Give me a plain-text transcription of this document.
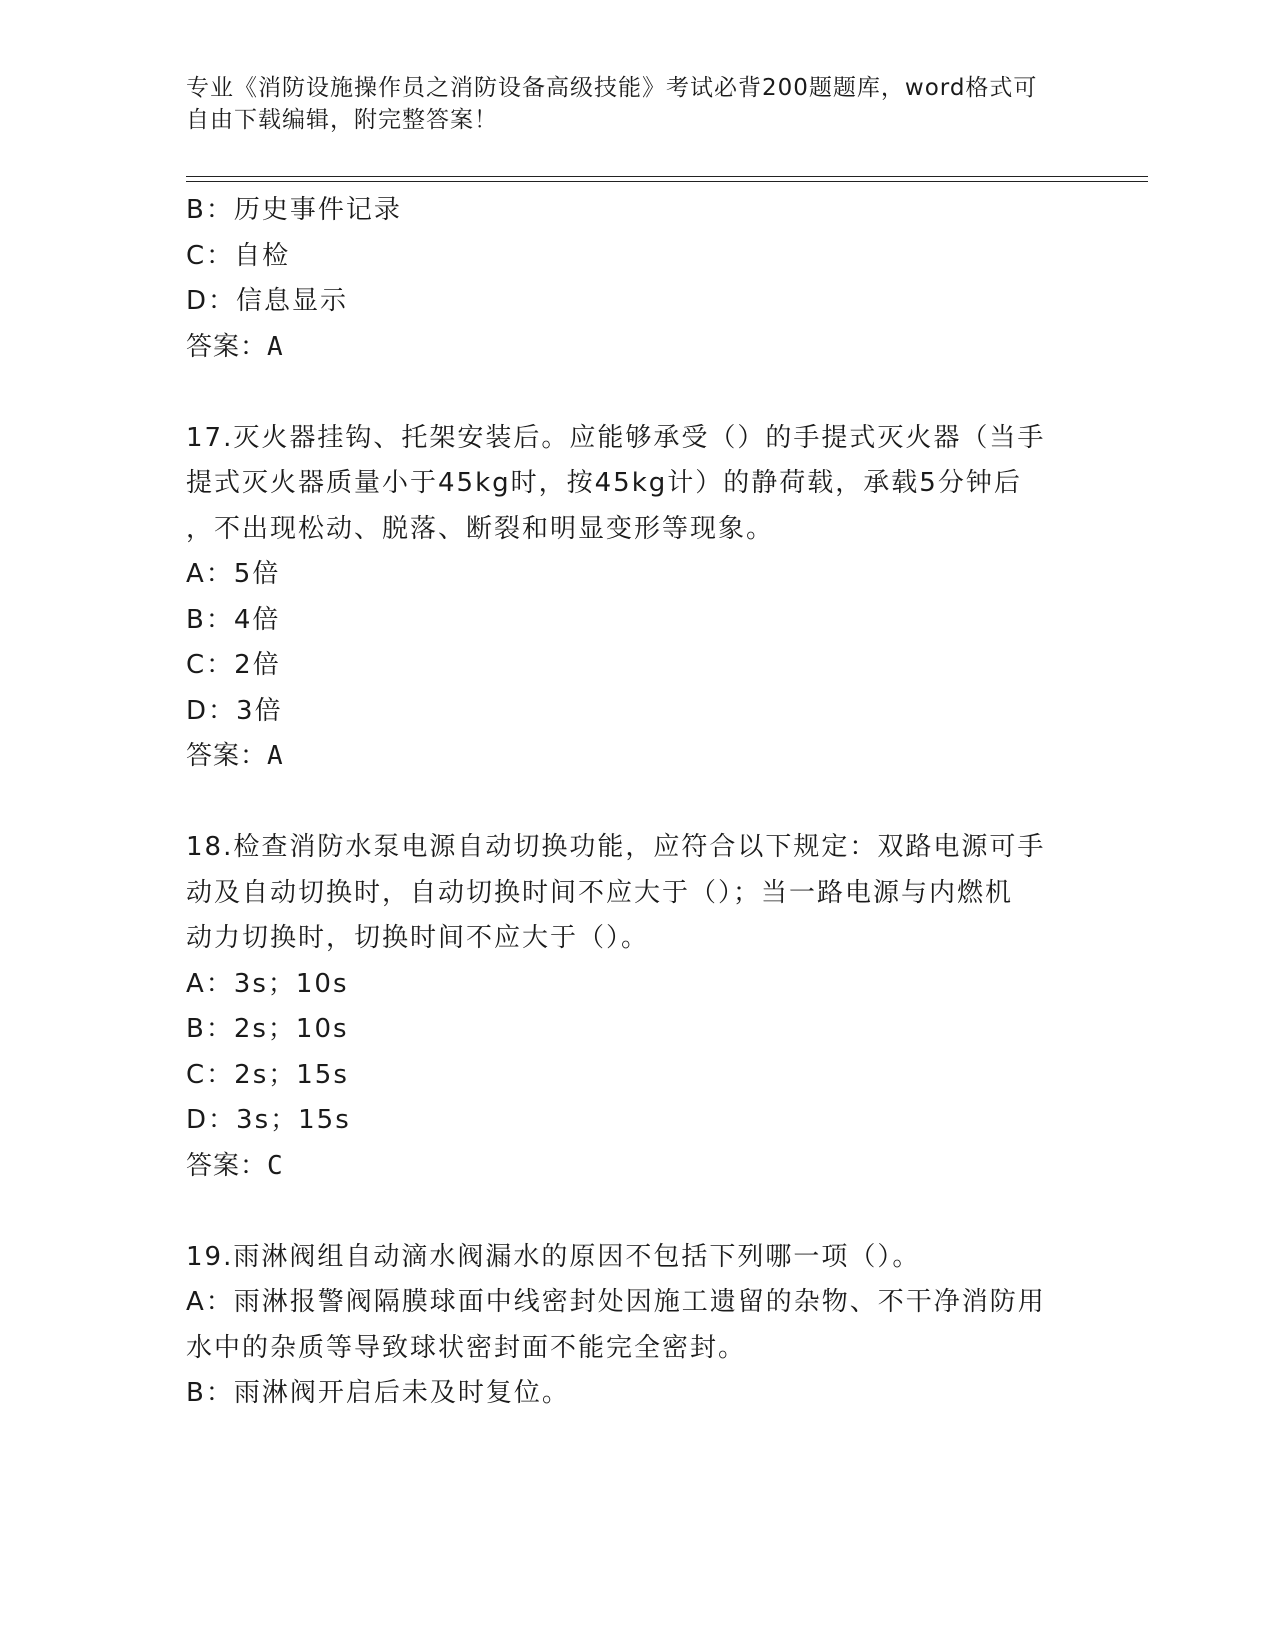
专业《消防设施操作员之消防设备高级技能》考试必背200题题库，word格式可
自由下载编辑，附完整答案！
B：历史事件记录
C：自检
D：信息显示
答案：A
17.灭火器挂钩、托架安装后。应能够承受（）的手提式灭火器（当手
提式灭火器质量小于45kg时，按45kg计）的静荷载，承载5分钟后
，不出现松动、脱落、断裂和明显变形等现象。
A：5倍
B：4倍
C：2倍
D：3倍
答案：A
18.检查消防水泵电源自动切换功能，应符合以下规定：双路电源可手
动及自动切换时，自动切换时间不应大于（）；当一路电源与内燃机
动力切换时，切换时间不应大于（）。
A：3s；10s
B：2s；10s
C：2s；15s
D：3s；15s
答案：C
19.雨淋阀组自动滴水阀漏水的原因不包括下列哪一项（）。
A：雨淋报警阀隔膜球面中线密封处因施工遗留的杂物、不干净消防用
水中的杂质等导致球状密封面不能完全密封。
B：雨淋阀开启后未及时复位。
